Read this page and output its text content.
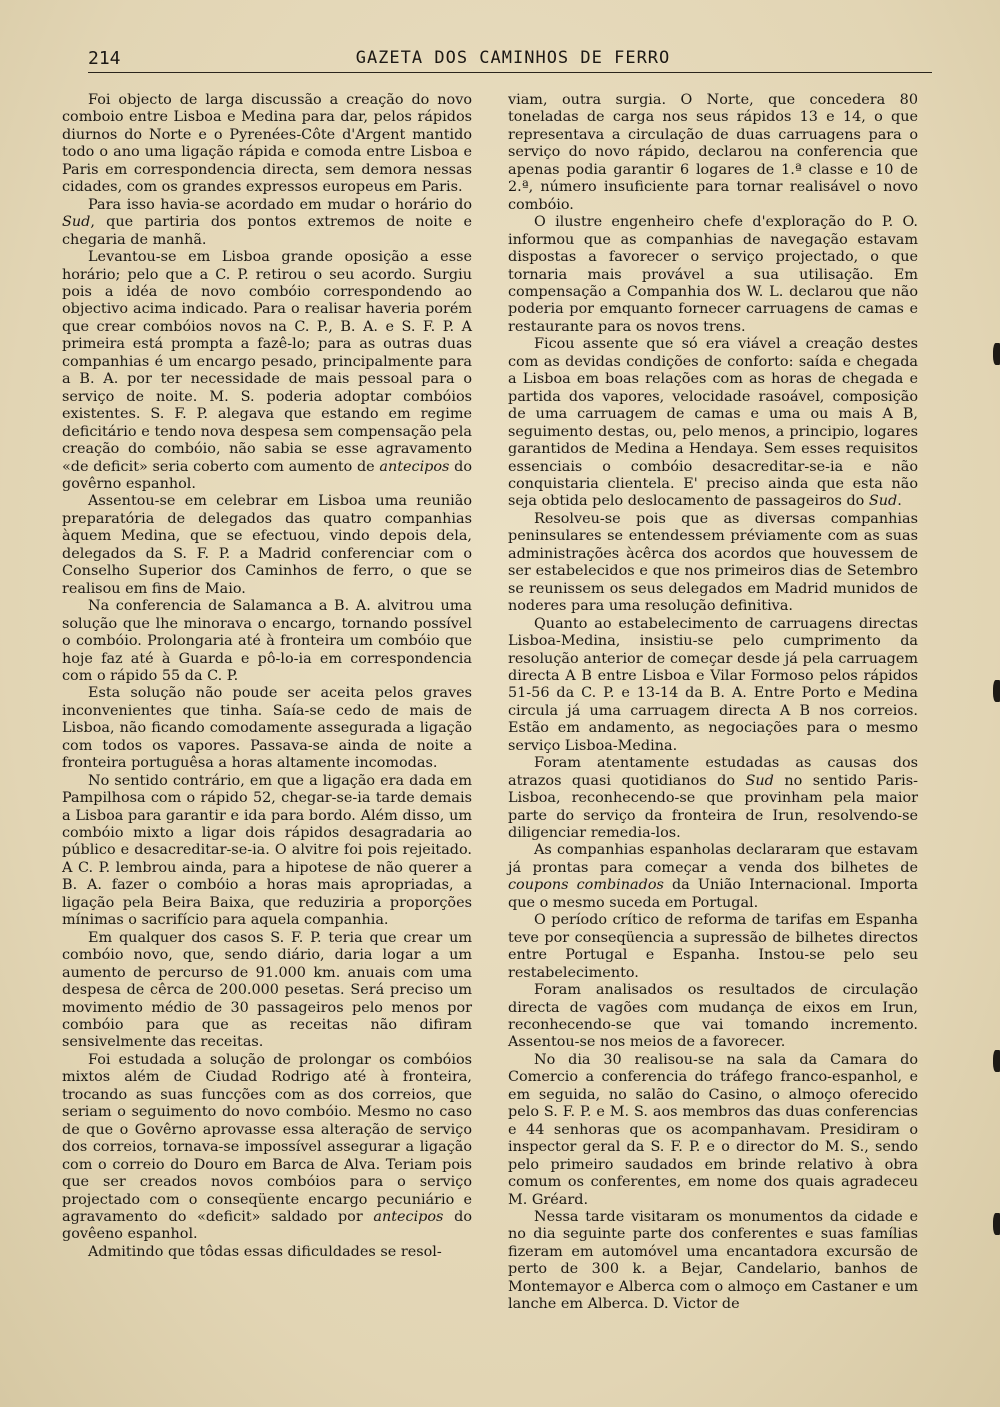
214	GAZETA DOS CAMINHOS DE FERRO

Foi objecto de larga discussão a creação do novo comboio entre Lisboa e Medina para dar, pelos rápidos diurnos do Norte e o Pyrenées-Côte d'Argent mantido todo o ano uma ligação rápida e comoda entre Lisboa e Paris em correspondencia directa, sem demora nessas cidades, com os grandes expressos europeus em Paris.

Para isso havia-se acordado em mudar o horário do Sud, que partiria dos pontos extremos de noite e chegaria de manhã.

Levantou-se em Lisboa grande oposição a esse horário; pelo que a C. P. retirou o seu acordo. Surgiu pois a idéa de novo combóio correspondendo ao objectivo acima indicado. Para o realisar haveria porém que crear combóios novos na C. P., B. A. e S. F. P. A primeira está prompta a fazê-lo; para as outras duas companhias é um encargo pesado, principalmente para a B. A. por ter necessidade de mais pessoal para o serviço de noite. M. S. poderia adoptar combóios existentes. S. F. P. alegava que estando em regime deficitário e tendo nova despesa sem compensação pela creação do combóio, não sabia se esse agravamento «de deficit» seria coberto com aumento de antecipos do govêrno espanhol.

Assentou-se em celebrar em Lisboa uma reunião preparatória de delegados das quatro companhias àquem Medina, que se efectuou, vindo depois dela, delegados da S. F. P. a Madrid conferenciar com o Conselho Superior dos Caminhos de ferro, o que se realisou em fins de Maio.

Na conferencia de Salamanca a B. A. alvitrou uma solução que lhe minorava o encargo, tornando possível o combóio. Prolongaria até à fronteira um combóio que hoje faz até à Guarda e pô-lo-ia em correspondencia com o rápido 55 da C. P.

Esta solução não poude ser aceita pelos graves inconvenientes que tinha. Saía-se cedo de mais de Lisboa, não ficando comodamente assegurada a ligação com todos os vapores. Passava-se ainda de noite a fronteira portuguêsa a horas altamente incomodas.

No sentido contrário, em que a ligação era dada em Pampilhosa com o rápido 52, chegar-se-ia tarde demais a Lisboa para garantir e ida para bordo. Além disso, um combóio mixto a ligar dois rápidos desagradaria ao público e desacreditar-se-ia. O alvitre foi pois rejeitado. A C. P. lembrou ainda, para a hipotese de não querer a B. A. fazer o combóio a horas mais apropriadas, a ligação pela Beira Baixa, que reduziria a proporções mínimas o sacrifício para aquela companhia.

Em qualquer dos casos S. F. P. teria que crear um combóio novo, que, sendo diário, daria logar a um aumento de percurso de 91.000 km. anuais com uma despesa de cêrca de 200.000 pesetas. Será preciso um movimento médio de 30 passageiros pelo menos por combóio para que as receitas não difiram sensivelmente das receitas.

Foi estudada a solução de prolongar os combóios mixtos além de Ciudad Rodrigo até à fronteira, trocando as suas funcções com as dos correios, que seriam o seguimento do novo combóio. Mesmo no caso de que o Govêrno aprovasse essa alteração de serviço dos correios, tornava-se impossível assegurar a ligação com o correio do Douro em Barca de Alva. Teriam pois que ser creados novos combóios para o serviço projectado com o conseqüente encargo pecuniário e agravamento do «deficit» saldado por antecipos do govêeno espanhol.

Admitindo que tôdas essas dificuldades se resol-

viam, outra surgia. O Norte, que concedera 80 toneladas de carga nos seus rápidos 13 e 14, o que representava a circulação de duas carruagens para o serviço do novo rápido, declarou na conferencia que apenas podia garantir 6 logares de 1.ª classe e 10 de 2.ª, número insuficiente para tornar realisável o novo combóio.

O ilustre engenheiro chefe d'exploração do P. O. informou que as companhias de navegação estavam dispostas a favorecer o serviço projectado, o que tornaria mais provável a sua utilisação. Em compensação a Companhia dos W. L. declarou que não poderia por emquanto fornecer carruagens de camas e restaurante para os novos trens.

Ficou assente que só era viável a creação destes com as devidas condições de conforto: saída e chegada a Lisboa em boas relações com as horas de chegada e partida dos vapores, velocidade rasoável, composição de uma carruagem de camas e uma ou mais A B, seguimento destas, ou, pelo menos, a principio, logares garantidos de Medina a Hendaya. Sem esses requisitos essenciais o combóio desacreditar-se-ia e não conquistaria clientela. E' preciso ainda que esta não seja obtida pelo deslocamento de passageiros do Sud.

Resolveu-se pois que as diversas companhias peninsulares se entendessem préviamente com as suas administrações àcêrca dos acordos que houvessem de ser estabelecidos e que nos primeiros dias de Setembro se reunissem os seus delegados em Madrid munidos de noderes para uma resolução definitiva.

Quanto ao estabelecimento de carruagens directas Lisboa-Medina, insistiu-se pelo cumprimento da resolução anterior de começar desde já pela carruagem directa A B entre Lisboa e Vilar Formoso pelos rápidos 51-56 da C. P. e 13-14 da B. A. Entre Porto e Medina circula já uma carruagem directa A B nos correios. Estão em andamento, as negociações para o mesmo serviço Lisboa-Medina.

Foram atentamente estudadas as causas dos atrazos quasi quotidianos do Sud no sentido Paris-Lisboa, reconhecendo-se que provinham pela maior parte do serviço da fronteira de Irun, resolvendo-se diligenciar remedia-los.

As companhias espanholas declararam que estavam já prontas para começar a venda dos bilhetes de coupons combinados da União Internacional. Importa que o mesmo suceda em Portugal.

O período crítico de reforma de tarifas em Espanha teve por conseqüencia a supressão de bilhetes directos entre Portugal e Espanha. Instou-se pelo seu restabelecimento.

Foram analisados os resultados de circulação directa de vagões com mudança de eixos em Irun, reconhecendo-se que vai tomando incremento. Assentou-se nos meios de a favorecer.

No dia 30 realisou-se na sala da Camara do Comercio a conferencia do tráfego franco-espanhol, e em seguida, no salão do Casino, o almoço oferecido pelo S. F. P. e M. S. aos membros das duas conferencias e 44 senhoras que os acompanhavam. Presidiram o inspector geral da S. F. P. e o director do M. S., sendo pelo primeiro saudados em brinde relativo à obra comum os conferentes, em nome dos quais agradeceu M. Gréard.

Nessa tarde visitaram os monumentos da cidade e no dia seguinte parte dos conferentes e suas famílias fizeram em automóvel uma encantadora excursão de perto de 300 k. a Bejar, Candelario, banhos de Montemayor e Alberca com o almoço em Castaner e um lanche em Alberca. D. Victor de
